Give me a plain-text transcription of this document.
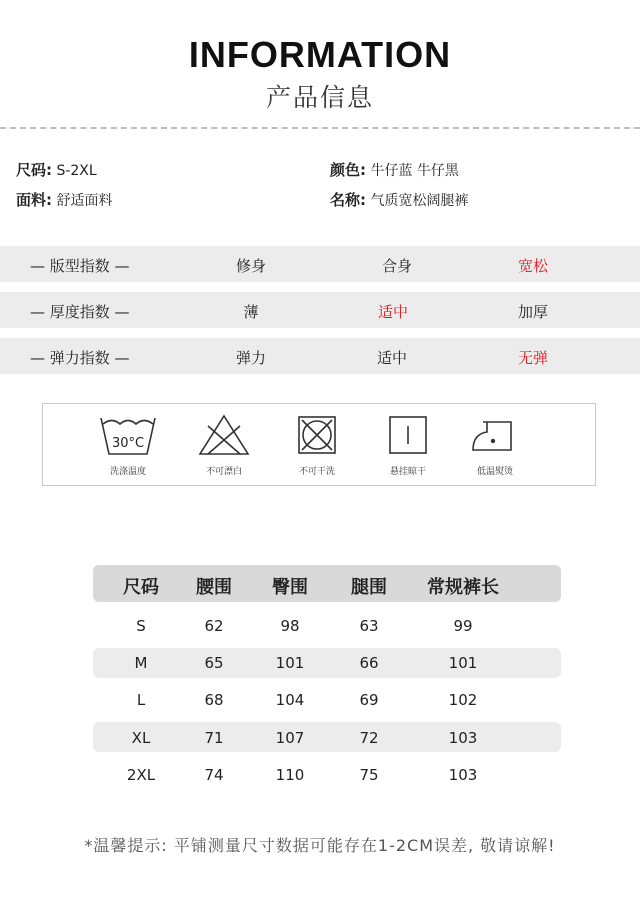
INFORMATION
产品信息
尺码: S-2XL	颜色: 牛仔蓝 牛仔黑
面料: 舒适面料	名称: 气质宽松阔腿裤
— 版型指数 —	修身	合身	宽松
— 厚度指数 —	薄	适中	加厚
— 弹力指数 —	弹力	适中	无弹
30°C
洗涤温度	不可漂白	不可干洗	悬挂晾干	低温熨烫
尺码	腰围	臀围	腿围	常规裤长
S	62	98	63	99
M	65	101	66	101
L	68	104	69	102
XL	71	107	72	103
2XL	74	110	75	103
*温馨提示: 平铺测量尺寸数据可能存在1-2CM误差, 敬请谅解!
